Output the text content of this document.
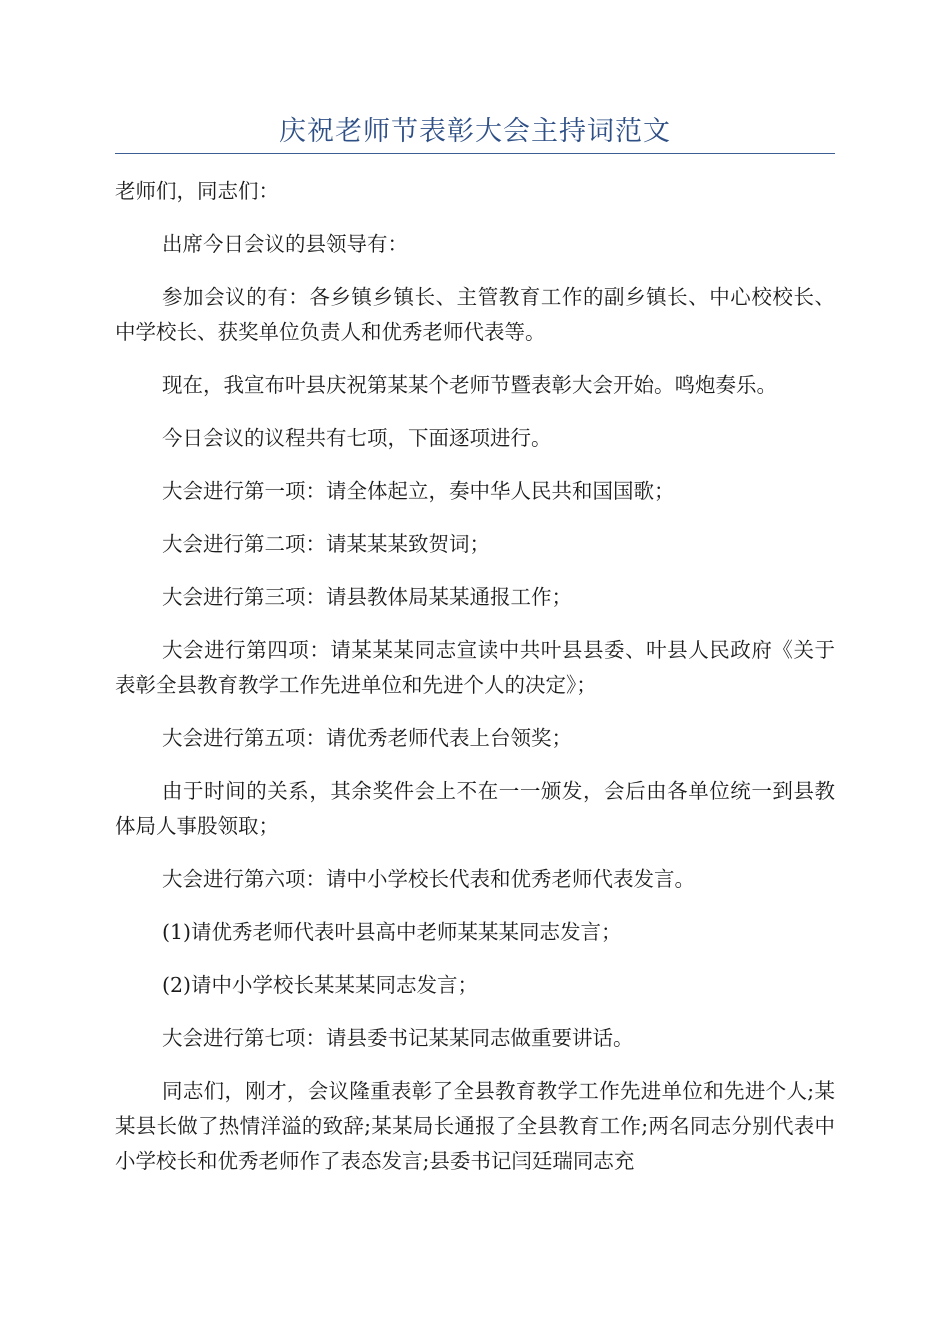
庆祝老师节表彰大会主持词范文

老师们，同志们：

出席今日会议的县领导有：

参加会议的有：各乡镇乡镇长、主管教育工作的副乡镇长、中心校校长、中学校长、获奖单位负责人和优秀老师代表等。

现在，我宣布叶县庆祝第某某个老师节暨表彰大会开始。鸣炮奏乐。

今日会议的议程共有七项，下面逐项进行。

大会进行第一项：请全体起立，奏中华人民共和国国歌；

大会进行第二项：请某某某致贺词；

大会进行第三项：请县教体局某某通报工作；

大会进行第四项：请某某某同志宣读中共叶县县委、叶县人民政府《关于表彰全县教育教学工作先进单位和先进个人的决定》；

大会进行第五项：请优秀老师代表上台领奖；

由于时间的关系，其余奖件会上不在一一颁发，会后由各单位统一到县教体局人事股领取；

大会进行第六项：请中小学校长代表和优秀老师代表发言。

(1)请优秀老师代表叶县高中老师某某某同志发言；

(2)请中小学校长某某某同志发言；

大会进行第七项：请县委书记某某同志做重要讲话。

同志们，刚才，会议隆重表彰了全县教育教学工作先进单位和先进个人;某某县长做了热情洋溢的致辞;某某局长通报了全县教育工作;两名同志分别代表中小学校长和优秀老师作了表态发言;县委书记闫廷瑞同志充
